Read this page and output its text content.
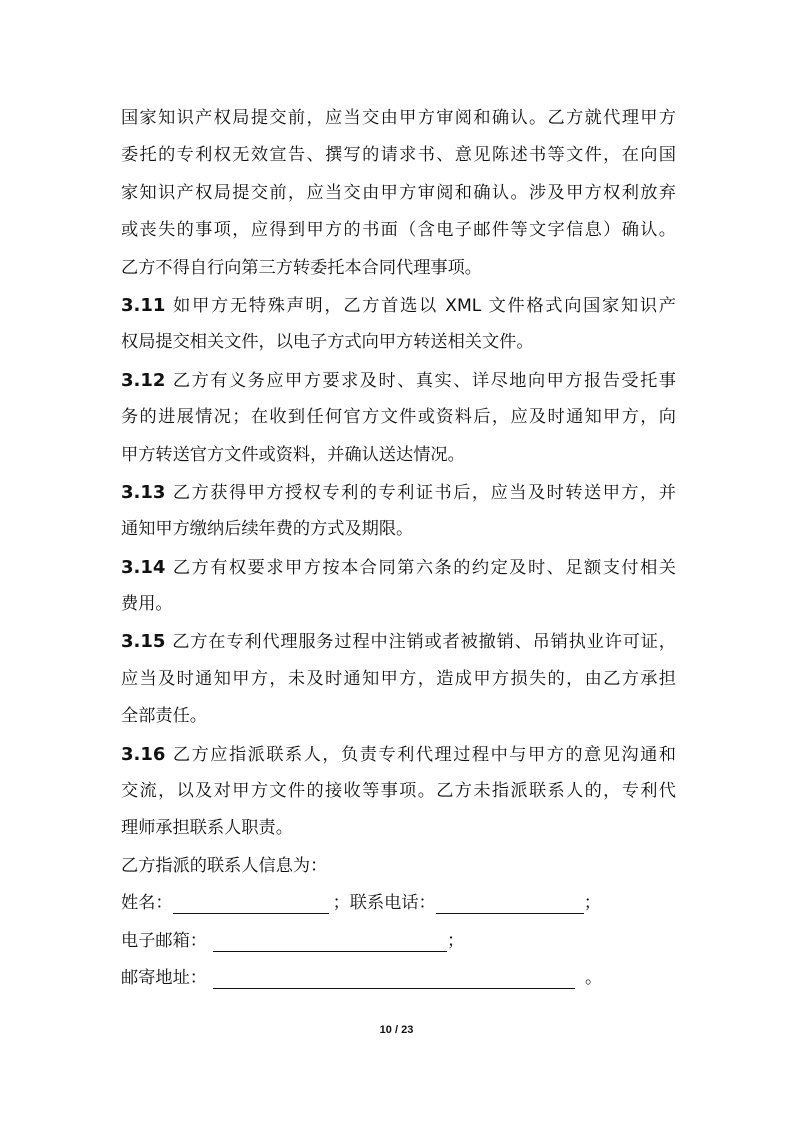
国家知识产权局提交前，应当交由甲方审阅和确认。乙方就代理甲方
委托的专利权无效宣告、撰写的请求书、意见陈述书等文件，在向国
家知识产权局提交前，应当交由甲方审阅和确认。涉及甲方权利放弃
或丧失的事项，应得到甲方的书面（含电子邮件等文字信息）确认。
乙方不得自行向第三方转委托本合同代理事项。
3.11 如甲方无特殊声明，乙方首选以 XML 文件格式向国家知识产
权局提交相关文件，以电子方式向甲方转送相关文件。
3.12 乙方有义务应甲方要求及时、真实、详尽地向甲方报告受托事
务的进展情况；在收到任何官方文件或资料后，应及时通知甲方，向
甲方转送官方文件或资料，并确认送达情况。
3.13 乙方获得甲方授权专利的专利证书后，应当及时转送甲方，并
通知甲方缴纳后续年费的方式及期限。
3.14 乙方有权要求甲方按本合同第六条的约定及时、足额支付相关
费用。
3.15 乙方在专利代理服务过程中注销或者被撤销、吊销执业许可证，
应当及时通知甲方，未及时通知甲方，造成甲方损失的，由乙方承担
全部责任。
3.16 乙方应指派联系人，负责专利代理过程中与甲方的意见沟通和
交流，以及对甲方文件的接收等事项。乙方未指派联系人的，专利代
理师承担联系人职责。
乙方指派的联系人信息为：
姓名：	；联系电话：	；
电子邮箱：	；
邮寄地址：	。
10 / 23
